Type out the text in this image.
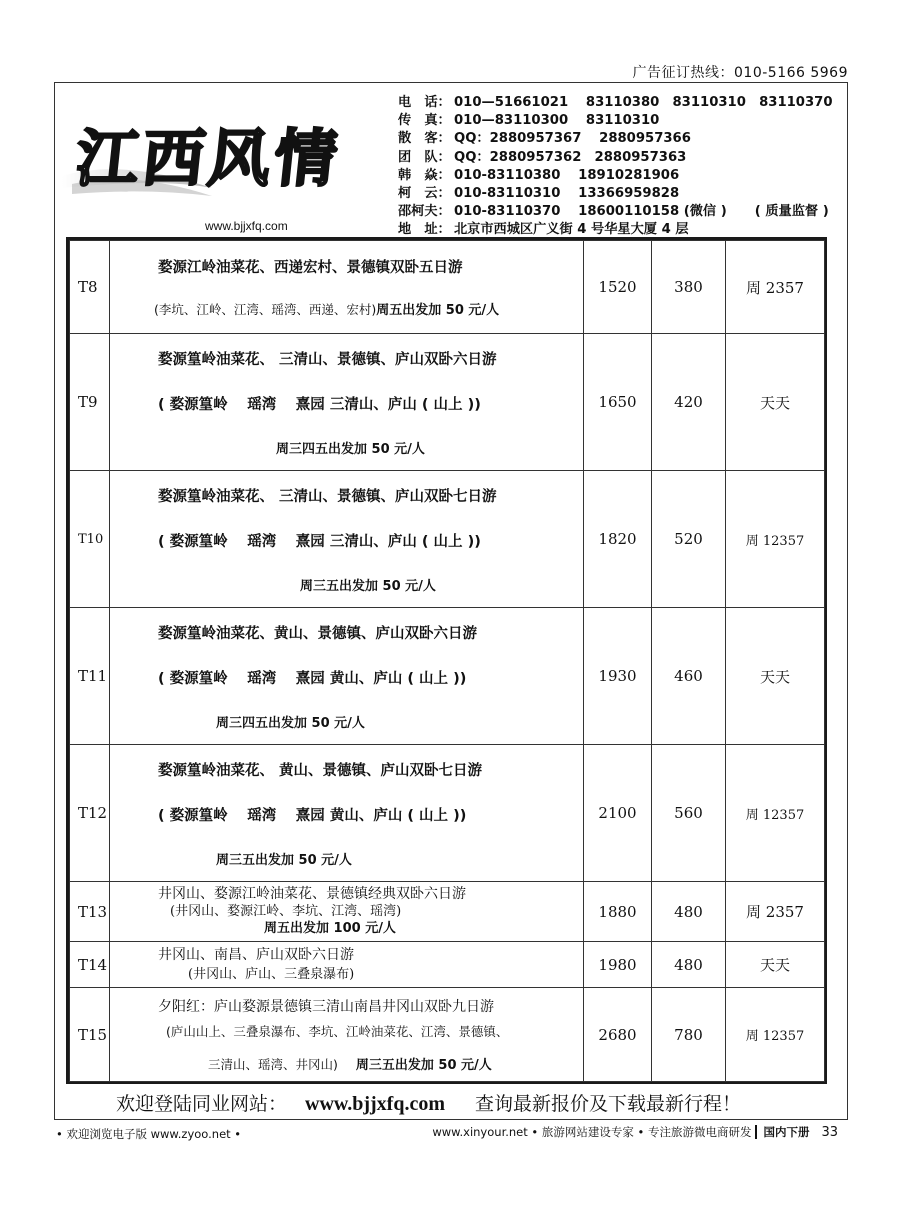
广告征订热线：010-5166 5969
江西风情
www.bjjxfq.com
电　话： 010—51661021　 83110380　83110310　83110370
传　真： 010—83110300　 83110310
散　客： QQ：2880957367　 2880957366
团　队： QQ：2880957362　2880957363
韩　焱： 010-83110380　 18910281906
柯　云： 010-83110310　 13366959828
邵柯夫： 010-83110370　 18600110158 (微信 ) ( 质量监督 )
地　址： 北京市西城区广义街 4 号华星大厦 4 层
T8	婺源江岭油菜花、西递宏村、景德镇双卧五日游
(李坑、江岭、江湾、瑶湾、西递、宏村)周五出发加 50 元/人	1520	380	周 2357
T9	婺源篁岭油菜花、 三清山、景德镇、庐山双卧六日游
( 婺源篁岭　 瑶湾　 熹园 三清山、庐山 ( 山上 ))
周三四五出发加 50 元/人	1650	420	天天
T10	婺源篁岭油菜花、 三清山、景德镇、庐山双卧七日游
( 婺源篁岭　 瑶湾　 熹园 三清山、庐山 ( 山上 ))
周三五出发加 50 元/人	1820	520	周 12357
T11	婺源篁岭油菜花、黄山、景德镇、庐山双卧六日游
( 婺源篁岭　 瑶湾　 熹园 黄山、庐山 ( 山上 ))
周三四五出发加 50 元/人	1930	460	天天
T12	婺源篁岭油菜花、 黄山、景德镇、庐山双卧七日游
( 婺源篁岭　 瑶湾　 熹园 黄山、庐山 ( 山上 ))
周三五出发加 50 元/人	2100	560	周 12357
T13	井冈山、婺源江岭油菜花、景德镇经典双卧六日游
(井冈山、婺源江岭、李坑、江湾、瑶湾)
周五出发加 100 元/人	1880	480	周 2357
T14	井冈山、南昌、庐山双卧六日游
(井冈山、庐山、三叠泉瀑布)	1980	480	天天
T15	夕阳红：庐山婺源景德镇三清山南昌井冈山双卧九日游
(庐山山上、三叠泉瀑布、李坑、江岭油菜花、江湾、景德镇、
三清山、瑶湾、井冈山) 周三五出发加 50 元/人	2680	780	周 12357
欢迎登陆同业网站： www.bjjxfq.com 查询最新报价及下载最新行程！
• 欢迎浏览电子版 www.zyoo.net •	www.xinyour.net • 旅游网站建设专家 • 专注旅游微电商研发 国内下册 33
